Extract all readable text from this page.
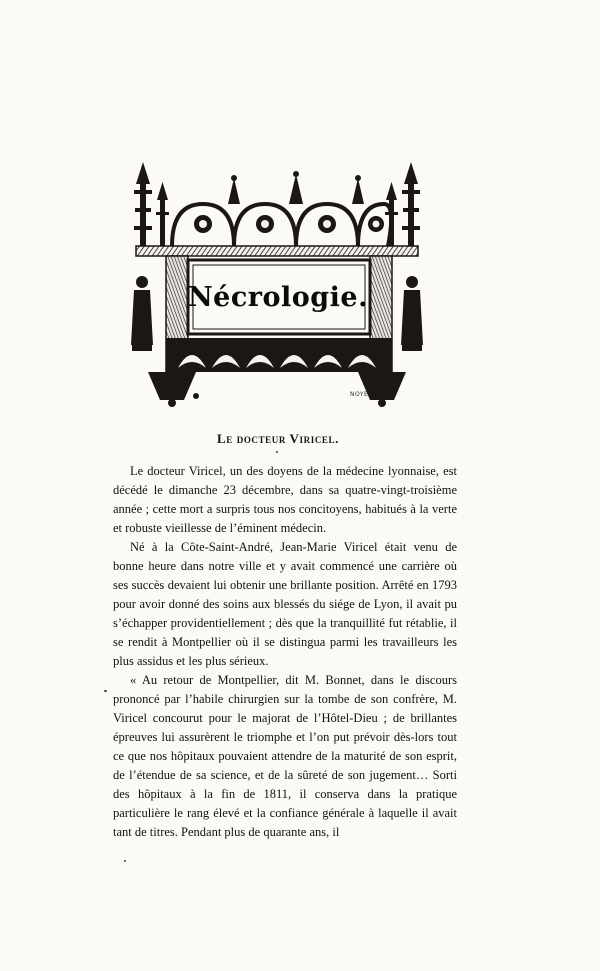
Nécrologie.
NOYE
Le docteur Viricel.

Le docteur Viricel, un des doyens de la médecine lyonnaise, est décédé le dimanche 23 décembre, dans sa quatre-vingt-troisième année ; cette mort a surpris tous nos concitoyens, habitués à la verte et robuste vieillesse de l’éminent médecin.

Né à la Côte-Saint-André, Jean-Marie Viricel était venu de bonne heure dans notre ville et y avait commencé une carrière où ses succès devaient lui obtenir une brillante position. Arrêté en 1793 pour avoir donné des soins aux blessés du siége de Lyon, il avait pu s’échapper providentiellement ; dès que la tranquillité fut rétablie, il se rendit à Montpellier où il se distingua parmi les travailleurs les plus assidus et les plus sérieux.

« Au retour de Montpellier, dit M. Bonnet, dans le discours prononcé par l’habile chirurgien sur la tombe de son confrère, M. Viricel concourut pour le majorat de l’Hôtel-Dieu ; de brillantes épreuves lui assurèrent le triomphe et l’on put prévoir dès-lors tout ce que nos hôpitaux pouvaient attendre de la maturité de son esprit, de l’étendue de sa science, et de la sûreté de son jugement… Sorti des hôpitaux à la fin de 1811, il conserva dans la pratique particulière le rang élevé et la confiance générale à laquelle il avait tant de titres. Pendant plus de quarante ans, il
